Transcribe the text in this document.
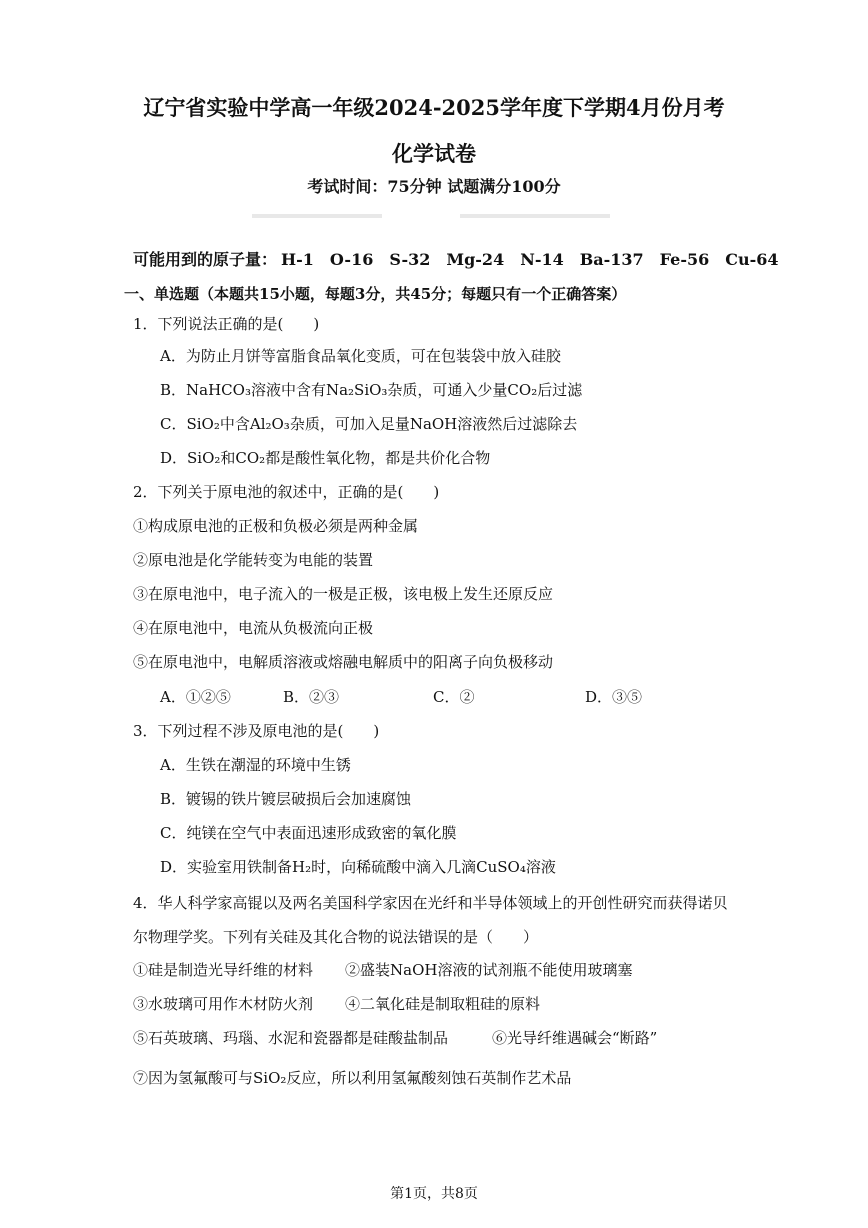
辽宁省实验中学高一年级2024-2025学年度下学期4月份月考
化学试卷
考试时间：75分钟 试题满分100分
可能用到的原子量： H-1 O-16 S-32 Mg-24 N-14 Ba-137 Fe-56 Cu-64
一、单选题（本题共15小题，每题3分，共45分；每题只有一个正确答案）
1．下列说法正确的是(　　)
A．为防止月饼等富脂食品氧化变质，可在包装袋中放入硅胶
B．NaHCO₃溶液中含有Na₂SiO₃杂质，可通入少量CO₂后过滤
C．SiO₂中含Al₂O₃杂质，可加入足量NaOH溶液然后过滤除去
D．SiO₂和CO₂都是酸性氧化物，都是共价化合物
2．下列关于原电池的叙述中，正确的是(　　)
①构成原电池的正极和负极必须是两种金属
②原电池是化学能转变为电能的装置
③在原电池中，电子流入的一极是正极，该电极上发生还原反应
④在原电池中，电流从负极流向正极
⑤在原电池中，电解质溶液或熔融电解质中的阳离子向负极移动
A．①②⑤	B．②③	C．②	D．③⑤
3．下列过程不涉及原电池的是(　　)
A．生铁在潮湿的环境中生锈
B．镀锡的铁片镀层破损后会加速腐蚀
C．纯镁在空气中表面迅速形成致密的氧化膜
D．实验室用铁制备H₂时，向稀硫酸中滴入几滴CuSO₄溶液
4．华人科学家高锟以及两名美国科学家因在光纤和半导体领域上的开创性研究而获得诺贝
尔物理学奖。下列有关硅及其化合物的说法错误的是（　　）
①硅是制造光导纤维的材料 ②盛装NaOH溶液的试剂瓶不能使用玻璃塞
③水玻璃可用作木材防火剂 ④二氧化硅是制取粗硅的原料
⑤石英玻璃、玛瑙、水泥和瓷器都是硅酸盐制品	⑥光导纤维遇碱会“断路”
⑦因为氢氟酸可与SiO₂反应，所以利用氢氟酸刻蚀石英制作艺术品
第1页，共8页
